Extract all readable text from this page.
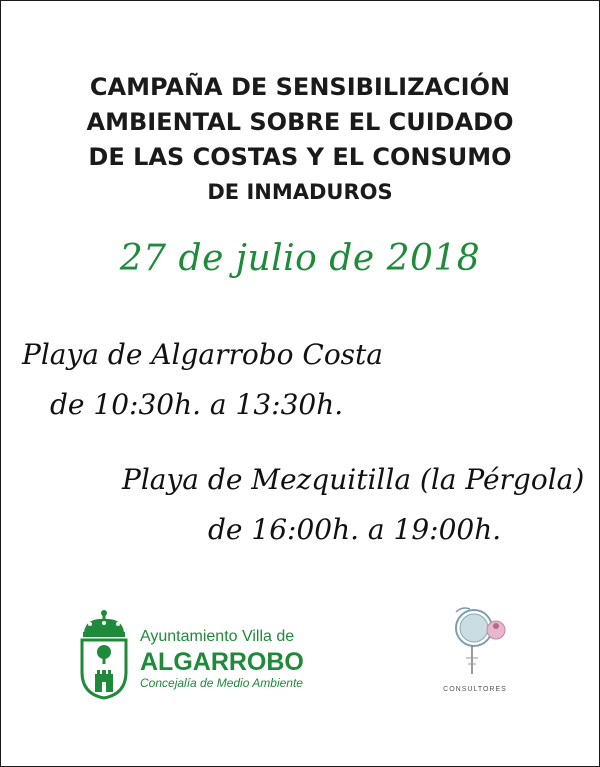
CAMPAÑA DE SENSIBILIZACIÓN
AMBIENTAL SOBRE EL CUIDADO
DE LAS COSTAS Y EL CONSUMO
DE INMADUROS
27 de julio de 2018
Playa de Algarrobo Costa
de 10:30h. a 13:30h.
Playa de Mezquitilla (la Pérgola)
de 16:00h. a 19:00h.
Ayuntamiento Villa de
ALGARROBO
Concejalía de Medio Ambiente	CONSULTORES
